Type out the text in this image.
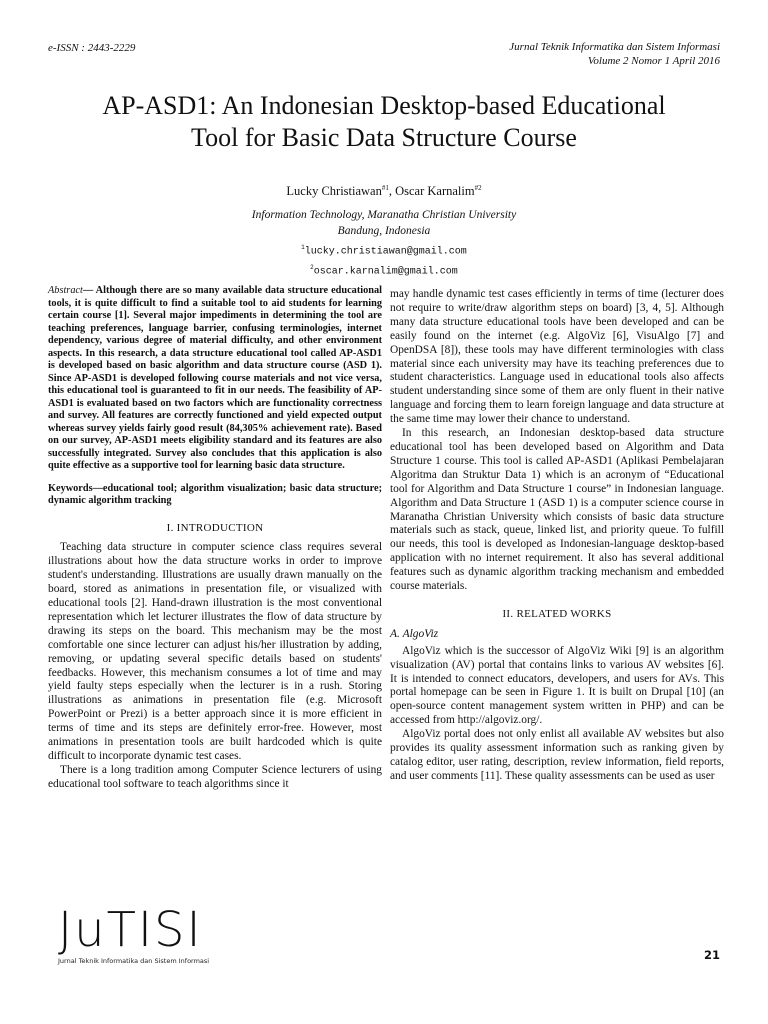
e-ISSN : 2443-2229	Jurnal Teknik Informatika dan Sistem Informasi
Volume 2 Nomor 1 April 2016
AP-ASD1: An Indonesian Desktop-based Educational
Tool for Basic Data Structure Course
Lucky Christiawan$^{\#1}$, Oscar Karnalim$^{\#2}$
Information Technology, Maranatha Christian University
Bandung, Indonesia
$^1$lucky.christiawan@gmail.com
$^2$oscar.karnalim@gmail.com

Abstract— Although there are so many available data structure educational tools, it is quite difficult to find a suitable tool to aid students for learning certain course [1]. Several major impediments in determining the tool are teaching preferences, language barrier, confusing terminologies, internet dependency, various degree of material difficulty, and other environment aspects. In this research, a data structure educational tool called AP-ASD1 is developed based on basic algorithm and data structure course (ASD 1). Since AP-ASD1 is developed following course materials and not vice versa, this educational tool is guaranteed to fit in our needs. The feasibility of AP-ASD1 is evaluated based on two factors which are functionality correctness and survey. All features are correctly functioned and yield expected output whereas survey yields fairly good result (84,305% achievement rate). Based on our survey, AP-ASD1 meets eligibility standard and its features are also successfully integrated. Survey also concludes that this application is also quite effective as a supportive tool for learning basic data structure.

Keywords—educational tool; algorithm visualization; basic data structure; dynamic algorithm tracking

I. INTRODUCTION

Teaching data structure in computer science class requires several illustrations about how the data structure works in order to improve student's understanding. Illustrations are usually drawn manually on the board, stored as animations in presentation file, or visualized with educational tools [2]. Hand-drawn illustration is the most conventional representation which let lecturer illustrates the flow of data structure by drawing its steps on the board. This mechanism may be the most comfortable one since lecturer can adjust his/her illustration by adding, removing, or updating several specific details based on students' feedbacks. However, this mechanism consumes a lot of time and may yield faulty steps especially when the lecturer is in a rush. Storing illustrations as animations in presentation file (e.g. Microsoft PowerPoint or Prezi) is a better approach since it is more efficient in terms of time and its steps are definitely error-free. However, most animations in presentation tools are built hardcoded which is quite difficult to incorporate dynamic test cases.

There is a long tradition among Computer Science lecturers of using educational tool software to teach algorithms since it

may handle dynamic test cases efficiently in terms of time (lecturer does not require to write/draw algorithm steps on board) [3, 4, 5]. Although many data structure educational tools have been developed and can be easily found on the internet (e.g. AlgoViz [6], VisuAlgo [7] and OpenDSA [8]), these tools may have different terminologies with class material since each university may have its teaching preferences due to student characteristics. Language used in educational tools also affects student understanding since some of them are only fluent in their native language and forcing them to learn foreign language and data structure at the same time may lower their chance to understand.

In this research, an Indonesian desktop-based data structure educational tool has been developed based on Algorithm and Data Structure 1 course. This tool is called AP-ASD1 (Aplikasi Pembelajaran Algoritma dan Struktur Data 1) which is an acronym of “Educational tool for Algorithm and Data Structure 1 course” in Indonesian language. Algorithm and Data Structure 1 (ASD 1) is a computer science course in Maranatha Christian University which consists of basic data structure materials such as stack, queue, linked list, and priority queue. To fulfill our needs, this tool is developed as Indonesian-language desktop-based application with no internet requirement. It also has several additional features such as dynamic algorithm tracking mechanism and embedded course materials.

II. RELATED WORKS
A. AlgoViz

AlgoViz which is the successor of AlgoViz Wiki [9] is an algorithm visualization (AV) portal that contains links to various AV websites [6]. It is intended to connect educators, developers, and users for AVs. This portal homepage can be seen in Figure 1. It is built on Drupal [10] (an open-source content management system written in PHP) and can be accessed from http://algoviz.org/.

AlgoViz portal does not only enlist all available AV websites but also provides its quality assessment information such as ranking given by catalog editor, user rating, description, review information, field reports, and user comments [11]. These quality assessments can be used as user

JuTISI
Jurnal Teknik Informatika dan Sistem Informasi	21
